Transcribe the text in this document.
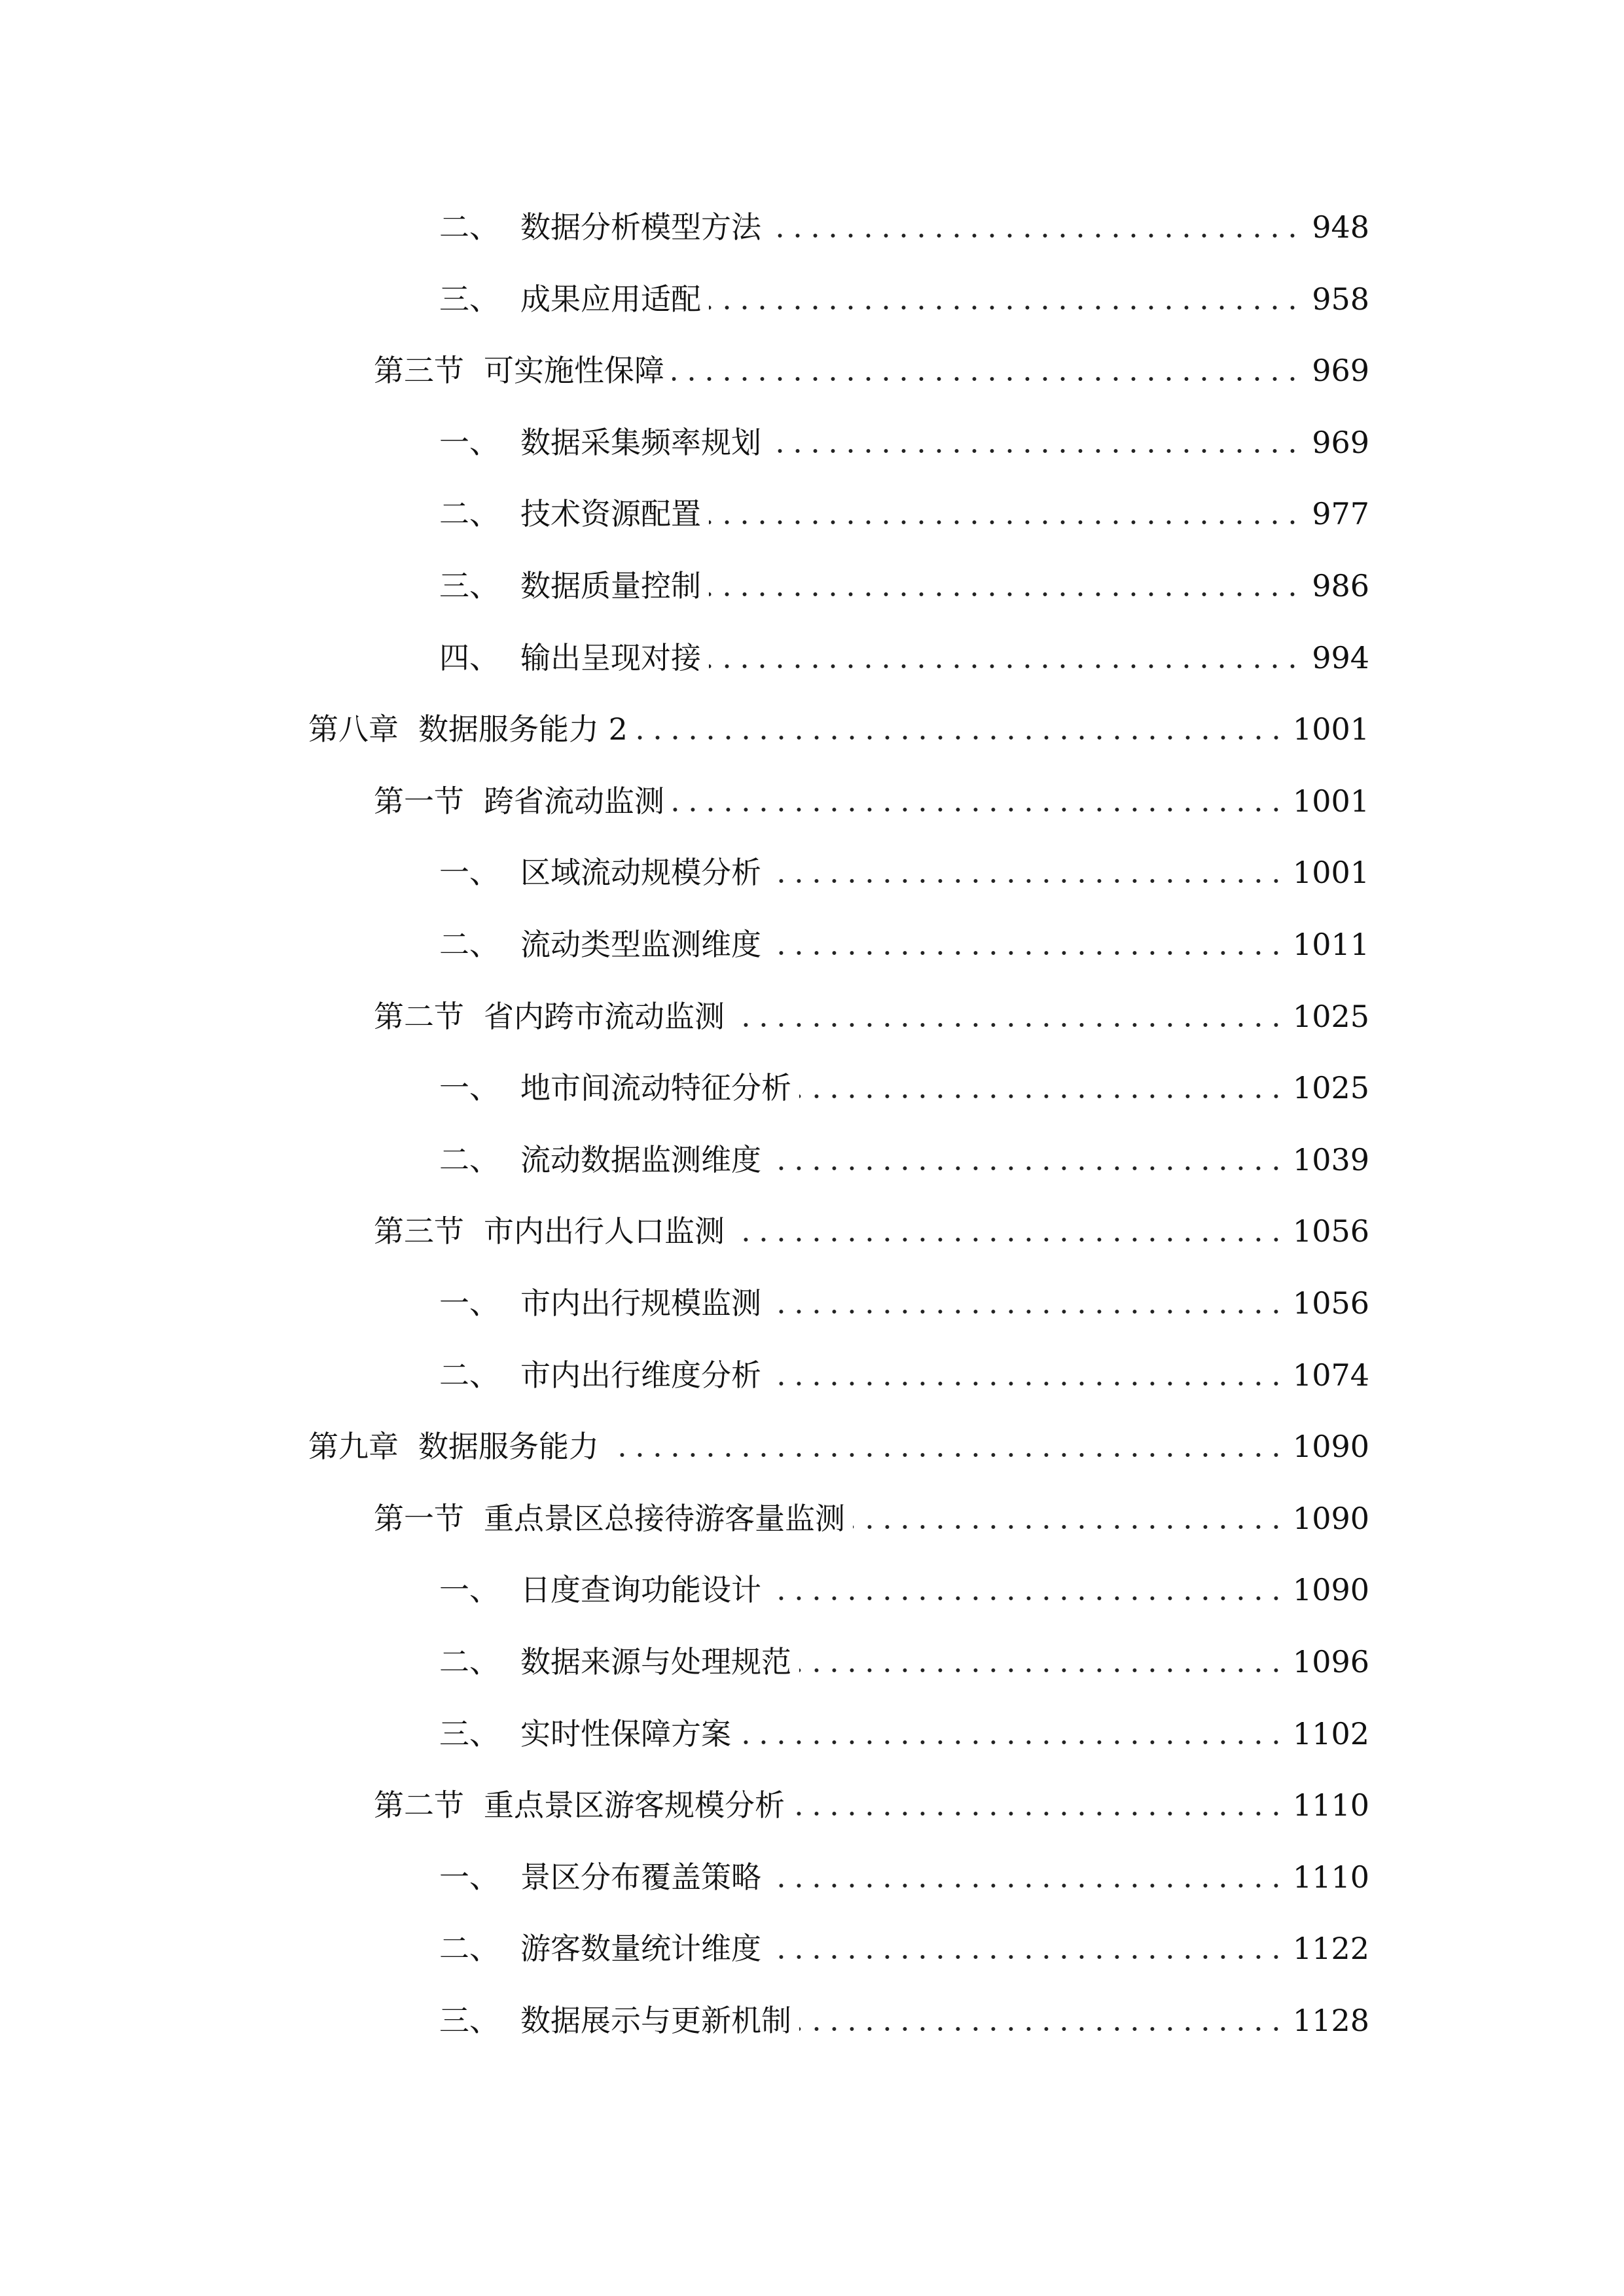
二、 数据分析模型方法	948
三、 成果应用适配	958
第三节 可实施性保障	969
一、 数据采集频率规划	969
二、 技术资源配置	977
三、 数据质量控制	986
四、 输出呈现对接	994
第八章 数据服务能力 2	1001
第一节 跨省流动监测	1001
一、 区域流动规模分析	1001
二、 流动类型监测维度	1011
第二节 省内跨市流动监测	1025
一、 地市间流动特征分析	1025
二、 流动数据监测维度	1039
第三节 市内出行人口监测	1056
一、 市内出行规模监测	1056
二、 市内出行维度分析	1074
第九章 数据服务能力	1090
第一节 重点景区总接待游客量监测	1090
一、 日度查询功能设计	1090
二、 数据来源与处理规范	1096
三、 实时性保障方案	1102
第二节 重点景区游客规模分析	1110
一、 景区分布覆盖策略	1110
二、 游客数量统计维度	1122
三、 数据展示与更新机制	1128
